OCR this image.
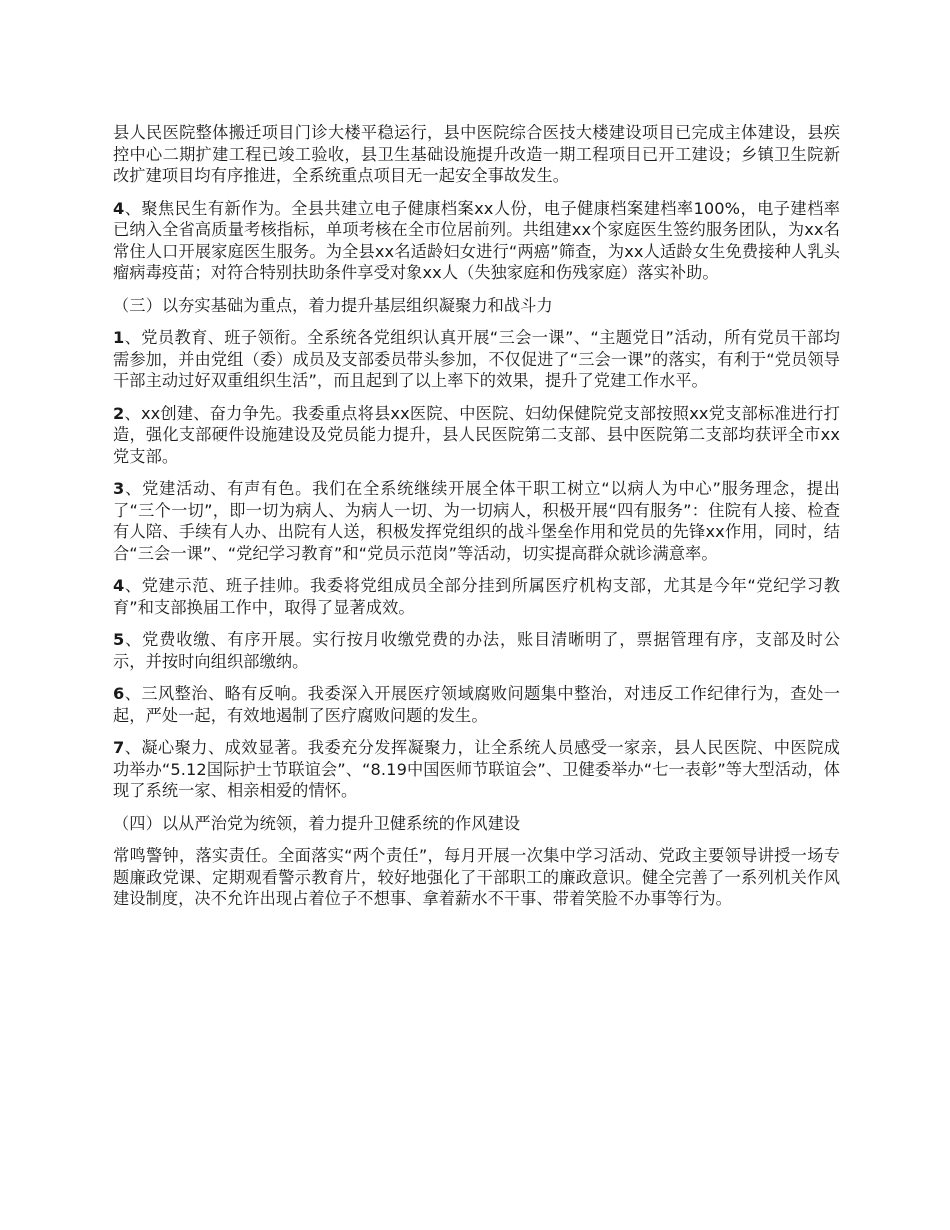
县人民医院整体搬迁项目门诊大楼平稳运行，县中医院综合医技大楼建设项目已完成主体建设，县疾控中心二期扩建工程已竣工验收，县卫生基础设施提升改造一期工程项目已开工建设；乡镇卫生院新改扩建项目均有序推进，全系统重点项目无一起安全事故发生。

4、聚焦民生有新作为。全县共建立电子健康档案xx人份，电子健康档案建档率100%，电子建档率已纳入全省高质量考核指标，单项考核在全市位居前列。共组建xx个家庭医生签约服务团队，为xx名常住人口开展家庭医生服务。为全县xx名适龄妇女进行“两癌”筛查，为xx人适龄女生免费接种人乳头瘤病毒疫苗；对符合特别扶助条件享受对象xx人（失独家庭和伤残家庭）落实补助。

（三）以夯实基础为重点，着力提升基层组织凝聚力和战斗力

1、党员教育、班子领衔。全系统各党组织认真开展“三会一课”、“主题党日”活动，所有党员干部均需参加，并由党组（委）成员及支部委员带头参加，不仅促进了“三会一课”的落实，有利于“党员领导干部主动过好双重组织生活”，而且起到了以上率下的效果，提升了党建工作水平。

2、xx创建、奋力争先。我委重点将县xx医院、中医院、妇幼保健院党支部按照xx党支部标准进行打造，强化支部硬件设施建设及党员能力提升，县人民医院第二支部、县中医院第二支部均获评全市xx党支部。

3、党建活动、有声有色。我们在全系统继续开展全体干职工树立“以病人为中心”服务理念，提出了“三个一切”，即一切为病人、为病人一切、为一切病人，积极开展“四有服务”：住院有人接、检查有人陪、手续有人办、出院有人送，积极发挥党组织的战斗堡垒作用和党员的先锋xx作用，同时，结合“三会一课”、“党纪学习教育”和“党员示范岗”等活动，切实提高群众就诊满意率。

4、党建示范、班子挂帅。我委将党组成员全部分挂到所属医疗机构支部，尤其是今年“党纪学习教育”和支部换届工作中，取得了显著成效。

5、党费收缴、有序开展。实行按月收缴党费的办法，账目清晰明了，票据管理有序，支部及时公示，并按时向组织部缴纳。

6、三风整治、略有反响。我委深入开展医疗领域腐败问题集中整治，对违反工作纪律行为，查处一起，严处一起，有效地遏制了医疗腐败问题的发生。

7、凝心聚力、成效显著。我委充分发挥凝聚力，让全系统人员感受一家亲，县人民医院、中医院成功举办“5.12国际护士节联谊会”、“8.19中国医师节联谊会”、卫健委举办“七一表彰”等大型活动，体现了系统一家、相亲相爱的情怀。

（四）以从严治党为统领，着力提升卫健系统的作风建设

常鸣警钟，落实责任。全面落实“两个责任”，每月开展一次集中学习活动、党政主要领导讲授一场专题廉政党课、定期观看警示教育片，较好地强化了干部职工的廉政意识。健全完善了一系列机关作风建设制度，决不允许出现占着位子不想事、拿着薪水不干事、带着笑脸不办事等行为。
